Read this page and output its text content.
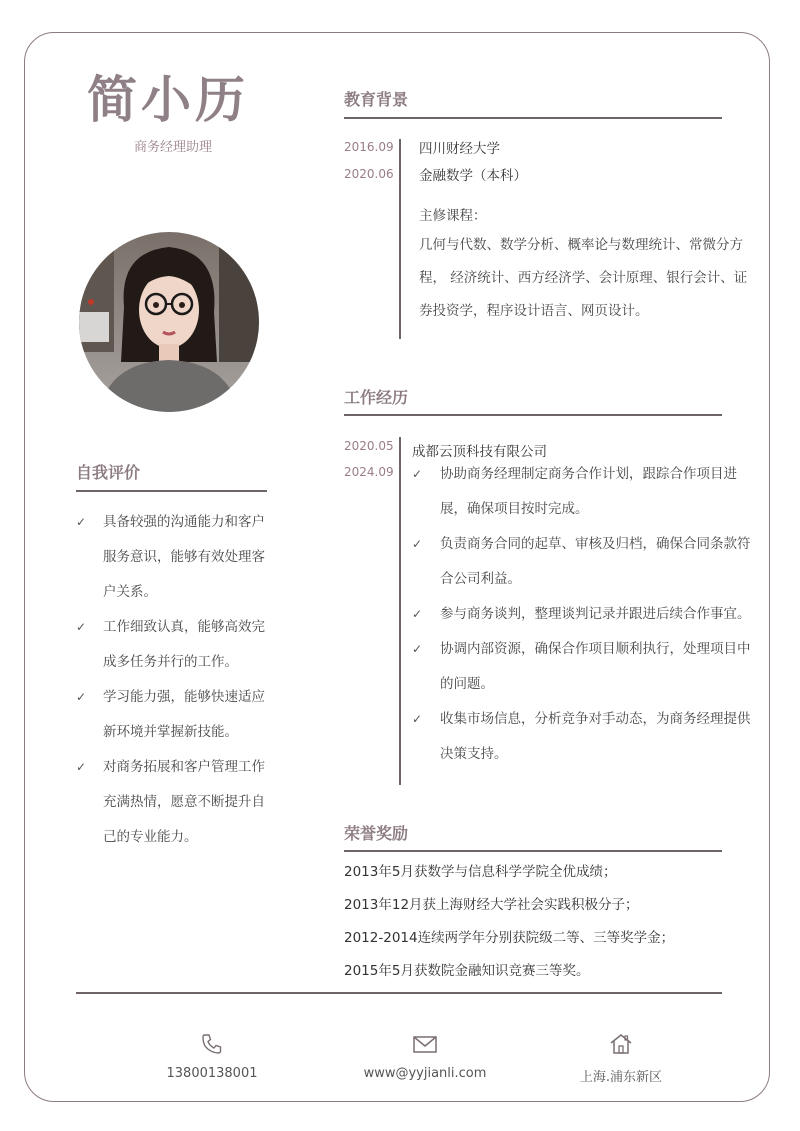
简小历
商务经理助理
自我评价
✓ 具备较强的沟通能力和客户
服务意识，能够有效处理客
户关系。
✓ 工作细致认真，能够高效完
成多任务并行的工作。
✓ 学习能力强，能够快速适应
新环境并掌握新技能。
✓ 对商务拓展和客户管理工作
充满热情，愿意不断提升自
己的专业能力。
教育背景
2016.09
2020.06
四川财经大学
金融数学（本科）
主修课程：
几何与代数、数学分析、概率论与数理统计、常微分方
程， 经济统计、西方经济学、会计原理、银行会计、证
券投资学，程序设计语言、网页设计。
工作经历
2020.05
2024.09
成都云顶科技有限公司
✓ 协助商务经理制定商务合作计划，跟踪合作项目进
展，确保项目按时完成。
✓ 负责商务合同的起草、审核及归档，确保合同条款符
合公司利益。
✓ 参与商务谈判，整理谈判记录并跟进后续合作事宜。
✓ 协调内部资源，确保合作项目顺利执行，处理项目中
的问题。
✓ 收集市场信息，分析竞争对手动态，为商务经理提供
决策支持。
荣誉奖励
2013年5月获数学与信息科学学院全优成绩；
2013年12月获上海财经大学社会实践积极分子；
2012-2014连续两学年分别获院级二等、三等奖学金；
2015年5月获数院金融知识竞赛三等奖。
13800138001	www@yyjianli.com	上海.浦东新区
